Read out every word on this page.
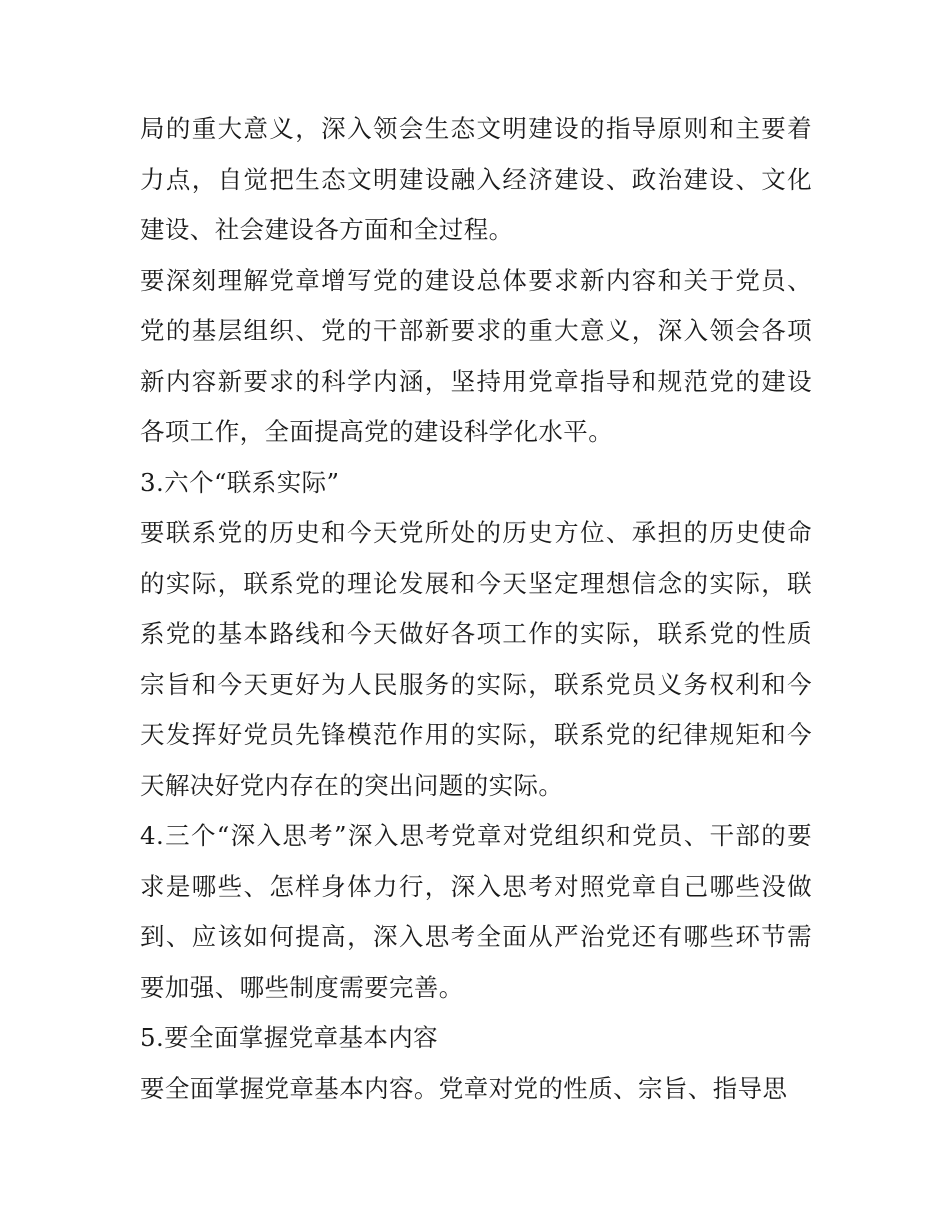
局的重大意义，深入领会生态文明建设的指导原则和主要着力点，自觉把生态文明建设融入经济建设、政治建设、文化建设、社会建设各方面和全过程。

要深刻理解党章增写党的建设总体要求新内容和关于党员、党的基层组织、党的干部新要求的重大意义，深入领会各项新内容新要求的科学内涵，坚持用党章指导和规范党的建设各项工作，全面提高党的建设科学化水平。

3.六个“联系实际”

要联系党的历史和今天党所处的历史方位、承担的历史使命的实际，联系党的理论发展和今天坚定理想信念的实际，联系党的基本路线和今天做好各项工作的实际，联系党的性质宗旨和今天更好为人民服务的实际，联系党员义务权利和今天发挥好党员先锋模范作用的实际，联系党的纪律规矩和今天解决好党内存在的突出问题的实际。

4.三个“深入思考”深入思考党章对党组织和党员、干部的要求是哪些、怎样身体力行，深入思考对照党章自己哪些没做到、应该如何提高，深入思考全面从严治党还有哪些环节需要加强、哪些制度需要完善。

5.要全面掌握党章基本内容

要全面掌握党章基本内容。党章对党的性质、宗旨、指导思
